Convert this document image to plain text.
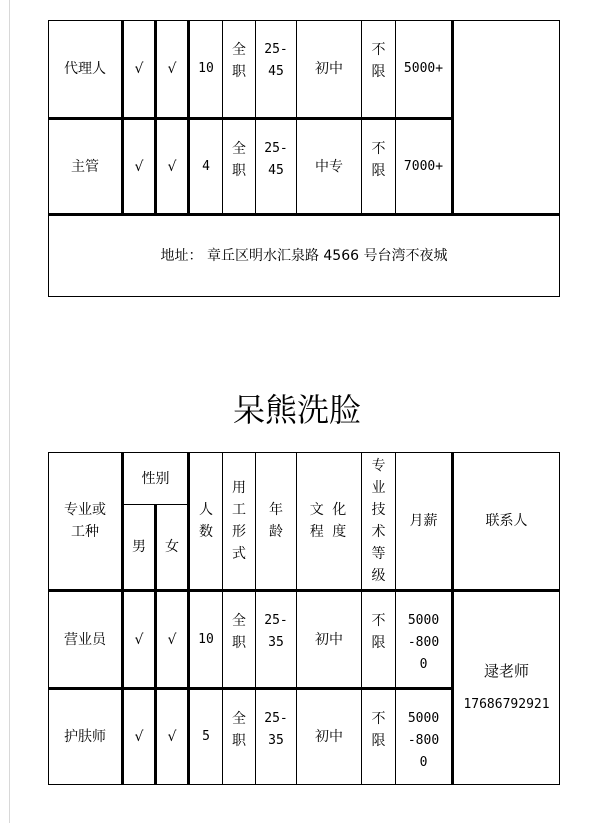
代理人	√	√	10	全职	25-45	初中	不限	5000+	
主管	√	√	4	全职	25-45	中专	不限	7000+	
地址： 章丘区明水汇泉路 4566 号台湾不夜城									
呆熊洗脸
专业或工种	性别		人数	用工形式	年龄	文 化 程 度	专业技术等级	月薪	联系人
	男	女							
营业员	√	√	10	全职	25-35	初中	不限	5000-8000	逯老师
17686792921

护肤师	√	√	5	全职	25-35	初中	不限	5000-8000	
